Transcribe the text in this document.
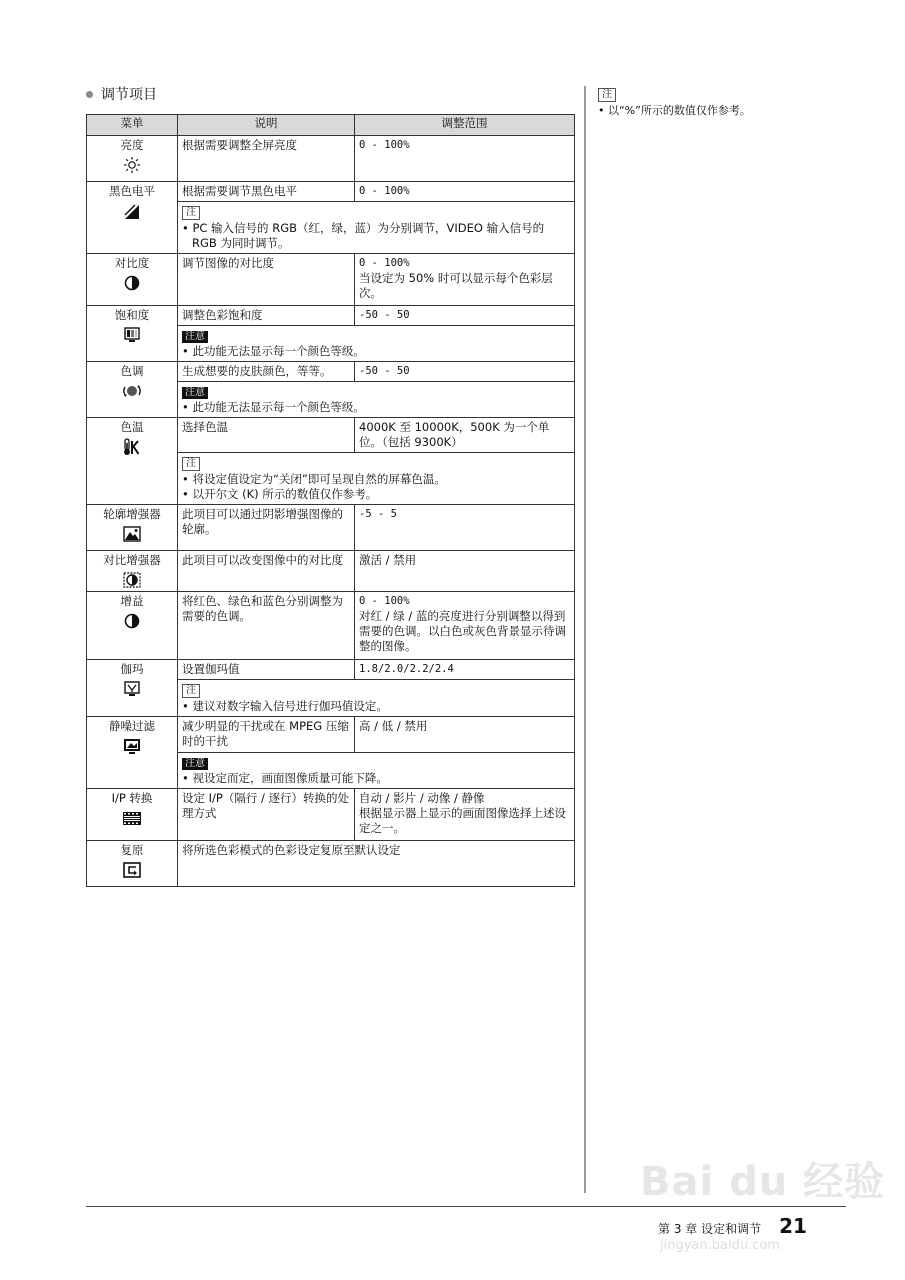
调节项目
菜单	说明	调整范围

亮度	根据需要调整全屏亮度	0 - 100%

黑色电平	根据需要调节黑色电平	0 - 100%
	注
• PC 输入信号的 RGB（红，绿，蓝）为分别调节，VIDEO 输入信号的 RGB 为同时调节。	

对比度	调节图像的对比度	0 - 100%
当设定为 50% 时可以显示每个色彩层次。

饱和度	调整色彩饱和度	-50 - 50
	注意
• 此功能无法显示每一个颜色等级。	

色调	生成想要的皮肤颜色，等等。	-50 - 50
	注意
• 此功能无法显示每一个颜色等级。	

色温	选择色温	4000K 至 10000K，500K 为一个单位。（包括 9300K）
	注
• 将设定值设定为“关闭”即可呈现自然的屏幕色温。
• 以开尔文 (K) 所示的数值仅作参考。	

轮廓增强器	此项目可以通过阴影增强图像的轮廓。	-5 - 5

对比增强器	此项目可以改变图像中的对比度	激活 / 禁用

增益	将红色、绿色和蓝色分别调整为需要的色调。	0 - 100%
对红 / 绿 / 蓝的亮度进行分别调整以得到需要的色调。以白色或灰色背景显示待调整的图像。

伽玛	设置伽玛值	1.8/2.0/2.2/2.4
	注
• 建议对数字输入信号进行伽玛值设定。	

静噪过滤	减少明显的干扰或在 MPEG 压缩时的干扰	高 / 低 / 禁用
	注意
• 视设定而定，画面图像质量可能下降。	

I/P 转换	设定 I/P（隔行 / 逐行）转换的处理方式	自动 / 影片 / 动像 / 静像
根据显示器上显示的画面图像选择上述设定之一。

复原	将所选色彩模式的色彩设定复原至默认设定	
注
• 以“%”所示的数值仅作参考。
Bai du 经验
jingyan.baidu.com
第 3 章 设定和调节 21
